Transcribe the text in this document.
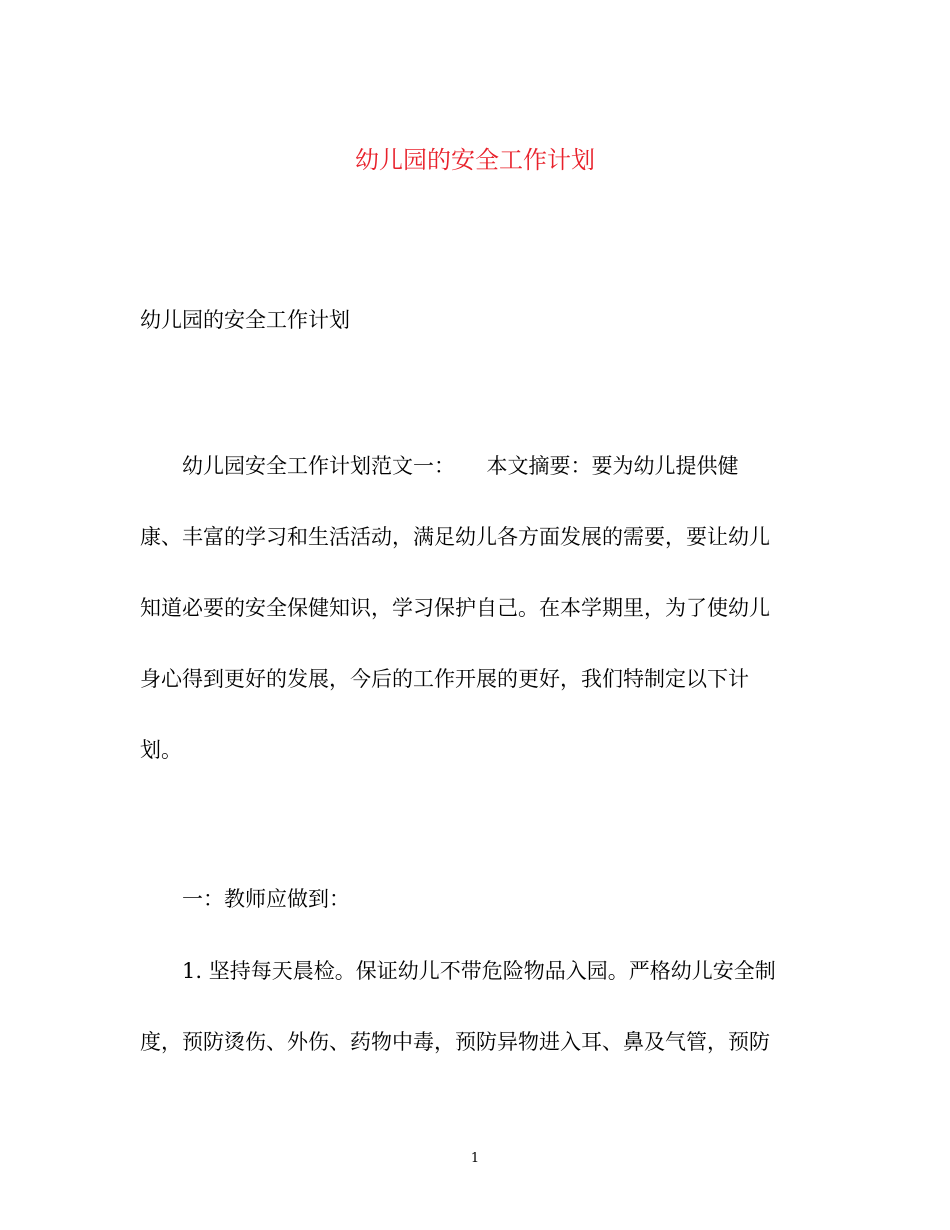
幼儿园的安全工作计划
幼儿园的安全工作计划
幼儿园安全工作计划范文一：　　本文摘要：要为幼儿提供健
康、丰富的学习和生活活动，满足幼儿各方面发展的需要，要让幼儿
知道必要的安全保健知识，学习保护自己。在本学期里，为了使幼儿
身心得到更好的发展，今后的工作开展的更好，我们特制定以下计
划。
一：教师应做到：
1. 坚持每天晨检。保证幼儿不带危险物品入园。严格幼儿安全制
度，预防烫伤、外伤、药物中毒，预防异物进入耳、鼻及气管，预防
1
